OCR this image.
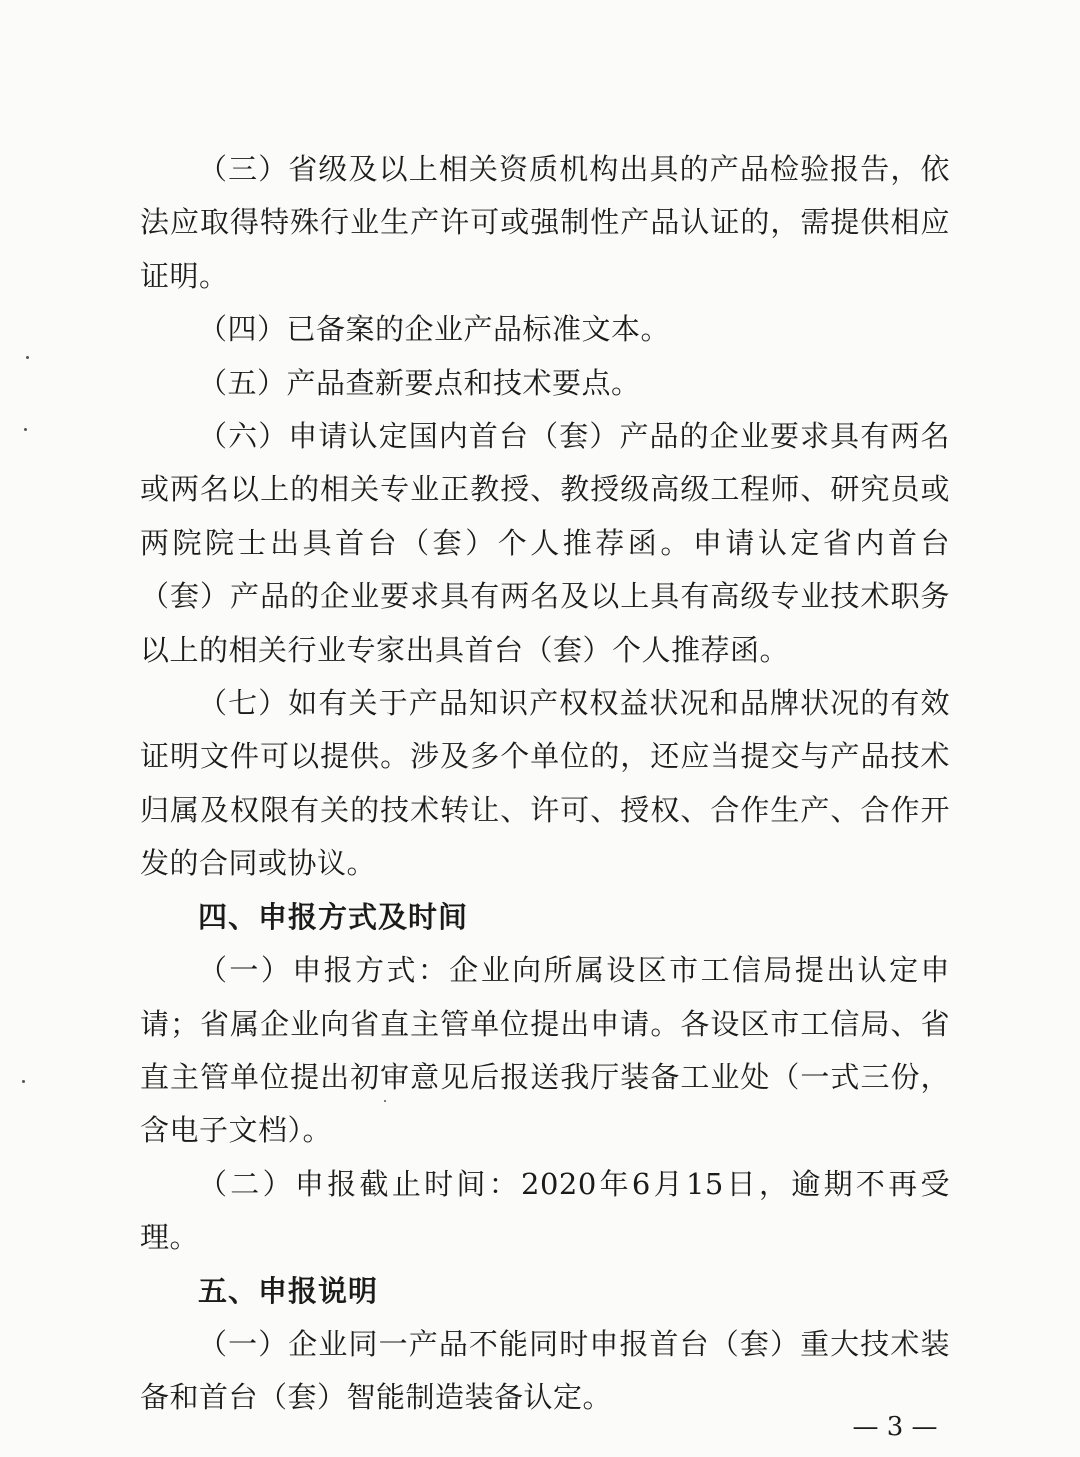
（三）省级及以上相关资质机构出具的产品检验报告，依法应取得特殊行业生产许可或强制性产品认证的，需提供相应证明。

（四）已备案的企业产品标准文本。

（五）产品查新要点和技术要点。

（六）申请认定国内首台（套）产品的企业要求具有两名或两名以上的相关专业正教授、教授级高级工程师、研究员或两院院士出具首台（套）个人推荐函。申请认定省内首台（套）产品的企业要求具有两名及以上具有高级专业技术职务以上的相关行业专家出具首台（套）个人推荐函。

（七）如有关于产品知识产权权益状况和品牌状况的有效证明文件可以提供。涉及多个单位的，还应当提交与产品技术归属及权限有关的技术转让、许可、授权、合作生产、合作开发的合同或协议。

四、申报方式及时间

（一）申报方式：企业向所属设区市工信局提出认定申请；省属企业向省直主管单位提出申请。各设区市工信局、省直主管单位提出初审意见后报送我厅装备工业处（一式三份，含电子文档）。

（二）申报截止时间：2020年6月15日，逾期不再受理。

五、申报说明

（一）企业同一产品不能同时申报首台（套）重大技术装备和首台（套）智能制造装备认定。

— 3 —
